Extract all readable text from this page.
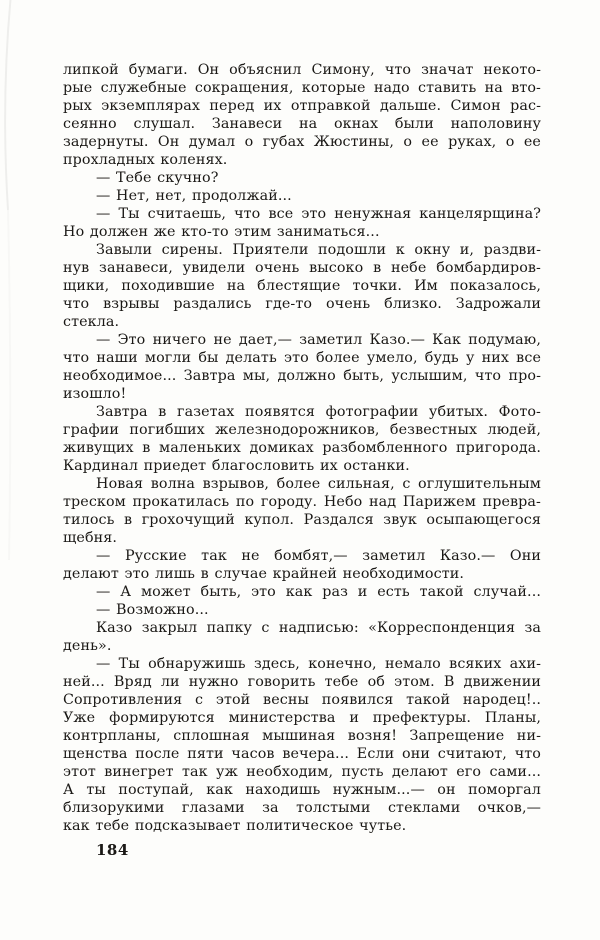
липкой бумаги. Он объяснил Симону, что значат некото-
рые служебные сокращения, которые надо ставить на вто-
рых экземплярах перед их отправкой дальше. Симон рас-
сеянно слушал. Занавеси на окнах были наполовину
задернуты. Он думал о губах Жюстины, о ее руках, о ее
прохладных коленях.
— Тебе скучно?
— Нет, нет, продолжай...
— Ты считаешь, что все это ненужная канцелярщина?
Но должен же кто-то этим заниматься...
Завыли сирены. Приятели подошли к окну и, раздви-
нув занавеси, увидели очень высоко в небе бомбардиров-
щики, походившие на блестящие точки. Им показалось,
что взрывы раздались где-то очень близко. Задрожали
стекла.
— Это ничего не дает,— заметил Казо.— Как подумаю,
что наши могли бы делать это более умело, будь у них все
необходимое... Завтра мы, должно быть, услышим, что про-
изошло!
Завтра в газетах появятся фотографии убитых. Фото-
графии погибших железнодорожников, безвестных людей,
живущих в маленьких домиках разбомбленного пригорода.
Кардинал приедет благословить их останки.
Новая волна взрывов, более сильная, с оглушительным
треском прокатилась по городу. Небо над Парижем превра-
тилось в грохочущий купол. Раздался звук осыпающегося
щебня.
— Русские так не бомбят,— заметил Казо.— Они
делают это лишь в случае крайней необходимости.
— А может быть, это как раз и есть такой случай...
— Возможно...
Казо закрыл папку с надписью: «Корреспонденция за
день».
— Ты обнаружишь здесь, конечно, немало всяких ахи-
ней... Вряд ли нужно говорить тебе об этом. В движении
Сопротивления с этой весны появился такой народец!..
Уже формируются министерства и префектуры. Планы,
контрпланы, сплошная мышиная возня! Запрещение ни-
щенства после пяти часов вечера... Если они считают, что
этот винегрет так уж необходим, пусть делают его сами...
А ты поступай, как находишь нужным...— он поморгал
близорукими глазами за толстыми стеклами очков,—
как тебе подсказывает политическое чутье.
184
